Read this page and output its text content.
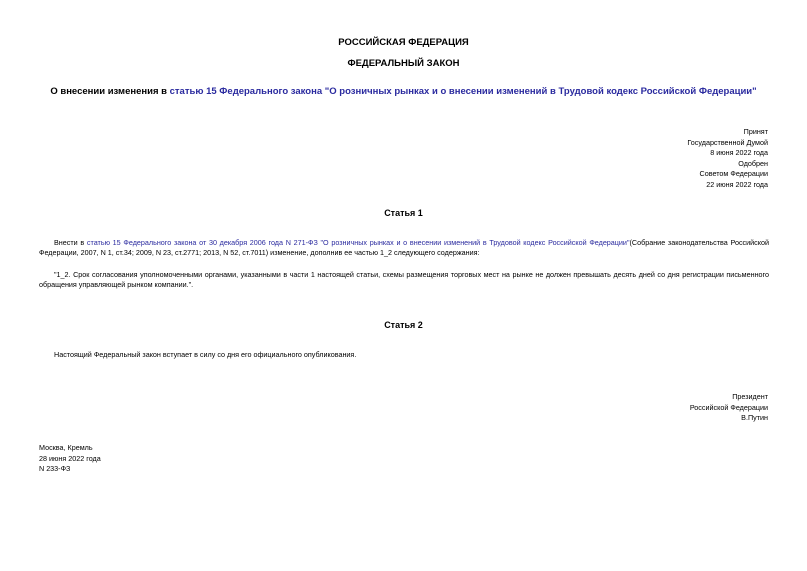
РОССИЙСКАЯ ФЕДЕРАЦИЯ
ФЕДЕРАЛЬНЫЙ ЗАКОН
О внесении изменения в статью 15 Федерального закона "О розничных рынках и о внесении изменений в Трудовой кодекс Российской Федерации"
Принят
Государственной Думой
8 июня 2022 года
Одобрен
Советом Федерации
22 июня 2022 года
Статья 1
Внести в статью 15 Федерального закона от 30 декабря 2006 года N 271-ФЗ "О розничных рынках и о внесении изменений в Трудовой кодекс Российской Федерации"(Собрание законодательства Российской Федерации, 2007, N 1, ст.34; 2009, N 23, ст.2771; 2013, N 52, ст.7011) изменение, дополнив ее частью 1_2 следующего содержания:
"1_2. Срок согласования уполномоченными органами, указанными в части 1 настоящей статьи, схемы размещения торговых мест на рынке не должен превышать десять дней со дня регистрации письменного обращения управляющей рынком компании.".
Статья 2
Настоящий Федеральный закон вступает в силу со дня его официального опубликования.
Президент
Российской Федерации
В.Путин
Москва, Кремль
28 июня 2022 года
N 233-ФЗ
